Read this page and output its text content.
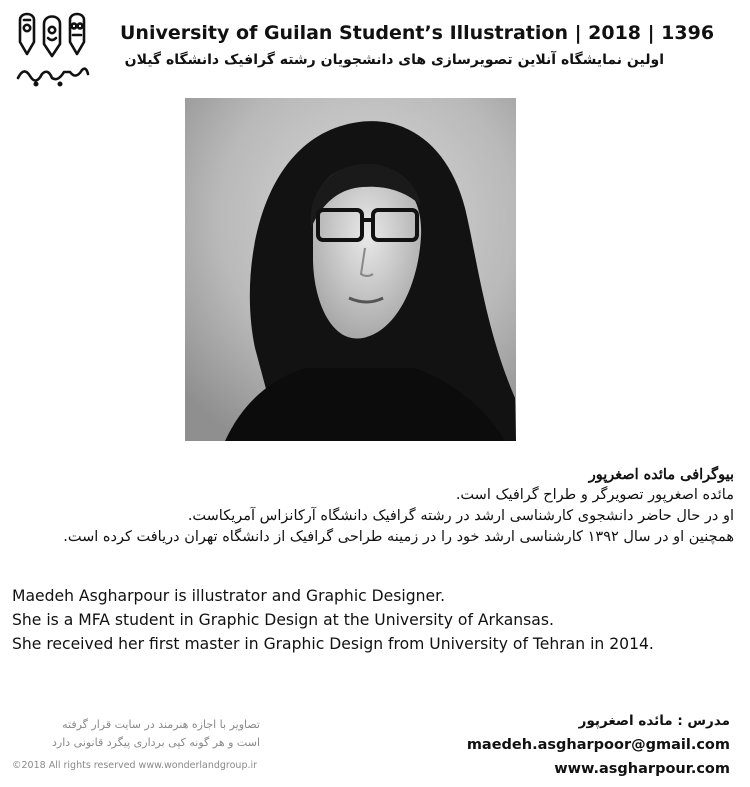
University of Guilan Student’s Illustration | 2018 | 1396
اولین نمایشگاه آنلاین تصویرسازی های دانشجویان رشته گرافیک دانشگاه گیلان
بیوگرافی مائده اصغرپور
مائده اصغرپور تصویرگر و طراح گرافیک است.
او در حال حاضر دانشجوی کارشناسی ارشد در رشته گرافیک دانشگاه آرکانزاس آمریکاست.
همچنین او در سال ۱۳۹۲ کارشناسی ارشد خود را در زمینه طراحی گرافیک از دانشگاه تهران دریافت کرده است.
Maedeh Asgharpour is illustrator and Graphic Designer.
She is a MFA student in Graphic Design at the University of Arkansas.
She received her first master in Graphic Design from University of Tehran in 2014.
تصاویر با اجازه هنرمند در سایت قرار گرفته
است و هر گونه کپی برداری پیگرد قانونی دارد
©2018 All rights reserved www.wonderlandgroup.ir
مدرس : مائده اصغرپور
maedeh.asgharpoor@gmail.com
www.asgharpour.com
